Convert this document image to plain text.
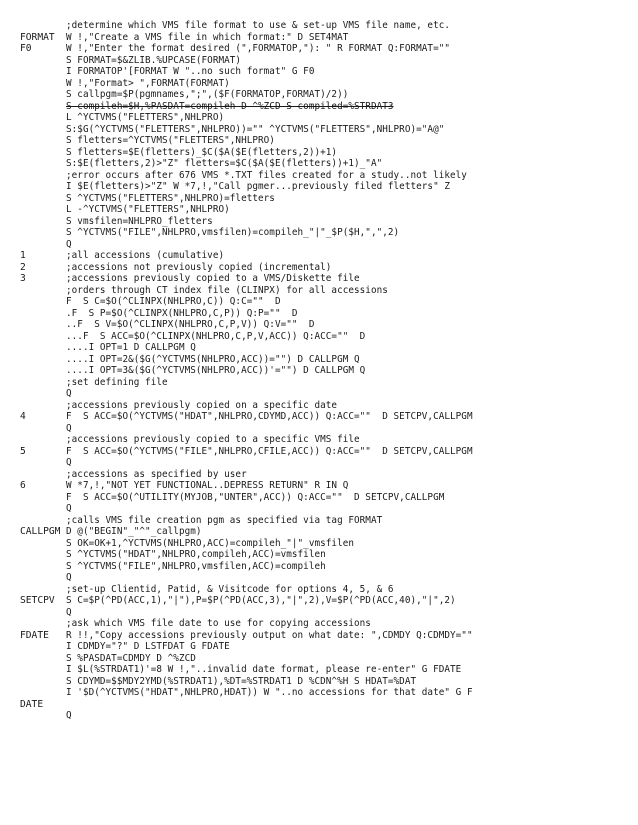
;determine which VMS file format to use & set-up VMS file name, etc.
FORMAT W !,"Create a VMS file in which format:" D SET4MAT
F0	W !,"Enter the format desired (",FORMATOP,"): " R FORMAT Q:FORMAT=""
S FORMAT=$&ZLIB.%UPCASE(FORMAT)
I FORMATOP'[FORMAT W "..no such format" G F0
W !,"Format> ",FORMAT(FORMAT)
S callpgm=$P(pgmnames,";",($F(FORMATOP,FORMAT)/2))
S compileh=$H,%PASDAT=compileh D ^%ZCD S compiled=%STRDAT3
L ^YCTVMS("FLETTERS",NHLPRO)
S:$G(^YCTVMS("FLETTERS",NHLPRO))="" ^YCTVMS("FLETTERS",NHLPRO)="A@"
S fletters=^YCTVMS("FLETTERS",NHLPRO)
S fletters=$E(fletters)_$C($A($E(fletters,2))+1)
S:$E(fletters,2)>"Z" fletters=$C($A($E(fletters))+1)_"A"
;error occurs after 676 VMS *.TXT files created for a study..not likely
I $E(fletters)>"Z" W *7,!,"Call pgmer...previously filed fletters" Z
S ^YCTVMS("FLETTERS",NHLPRO)=fletters
L -^YCTVMS("FLETTERS",NHLPRO)
S vmsfilen=NHLPRO_fletters
S ^YCTVMS("FILE",NHLPRO,vmsfilen)=compileh_"|"_$P($H,",",2)
Q
1	;all accessions (cumulative)
2	;accessions not previously copied (incremental)
3	;accessions previously copied to a VMS/Diskette file
;orders through CT index file (CLINPX) for all accessions
F  S C=$O(^CLINPX(NHLPRO,C)) Q:C=""  D
.F  S P=$O(^CLINPX(NHLPRO,C,P)) Q:P=""  D
..F  S V=$O(^CLINPX(NHLPRO,C,P,V)) Q:V=""  D
...F  S ACC=$O(^CLINPX(NHLPRO,C,P,V,ACC)) Q:ACC=""  D
....I OPT=1 D CALLPGM Q
....I OPT=2&($G(^YCTVMS(NHLPRO,ACC))="") D CALLPGM Q
....I OPT=3&($G(^YCTVMS(NHLPRO,ACC))'="") D CALLPGM Q
;set defining file
Q
;accessions previously copied on a specific date
4	F  S ACC=$O(^YCTVMS("HDAT",NHLPRO,CDYMD,ACC)) Q:ACC=""  D SETCPV,CALLPGM
Q
;accessions previously copied to a specific VMS file
5	F  S ACC=$O(^YCTVMS("FILE",NHLPRO,CFILE,ACC)) Q:ACC=""  D SETCPV,CALLPGM
Q
;accessions as specified by user
6	W *7,!,"NOT YET FUNCTIONAL..DEPRESS RETURN" R IN Q
F  S ACC=$O(^UTILITY(MYJOB,"UNTER",ACC)) Q:ACC=""  D SETCPV,CALLPGM
Q
;calls VMS file creation pgm as specified via tag FORMAT
CALLPGM D @("BEGIN"_"^"_callpgm)
S OK=OK+1,^YCTVMS(NHLPRO,ACC)=compileh_"|"_vmsfilen
S ^YCTVMS("HDAT",NHLPRO,compileh,ACC)=vmsfilen
S ^YCTVMS("FILE",NHLPRO,vmsfilen,ACC)=compileh
Q
;set-up Clientid, Patid, & Visitcode for options 4, 5, & 6
SETCPV S C=$P(^PD(ACC,1),"|"),P=$P(^PD(ACC,3),"|",2),V=$P(^PD(ACC,40),"|",2)
Q
;ask which VMS file date to use for copying accessions
FDATE R !!,"Copy accessions previously output on what date: ",CDMDY Q:CDMDY=""
I CDMDY="?" D LSTFDAT G FDATE
S %PASDAT=CDMDY D ^%ZCD
I $L(%STRDAT1)'=8 W !,"..invalid date format, please re-enter" G FDATE
S CDYMD=$$MDY2YMD(%STRDAT1),%DT=%STRDAT1 D %CDN^%H S HDAT=%DAT
I '$D(^YCTVMS("HDAT",NHLPRO,HDAT)) W "..no accessions for that date" G F
DATE
Q
